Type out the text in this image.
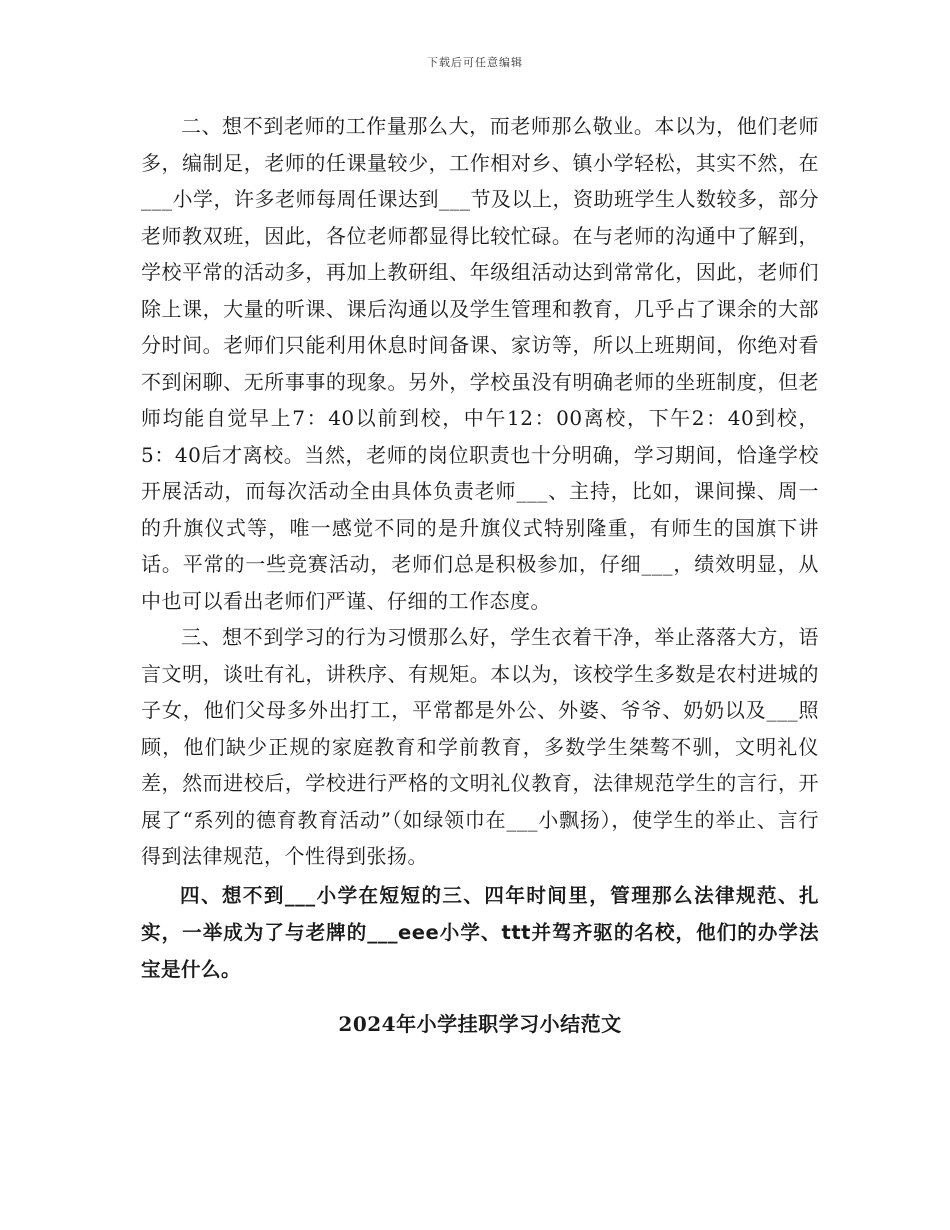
下载后可任意编辑

二、想不到老师的工作量那么大，而老师那么敬业。本以为，他们老师多，编制足，老师的任课量较少，工作相对乡、镇小学轻松，其实不然，在___小学，许多老师每周任课达到___节及以上，资助班学生人数较多，部分老师教双班，因此，各位老师都显得比较忙碌。在与老师的沟通中了解到，学校平常的活动多，再加上教研组、年级组活动达到常常化，因此，老师们除上课，大量的听课、课后沟通以及学生管理和教育，几乎占了课余的大部分时间。老师们只能利用休息时间备课、家访等，所以上班期间，你绝对看不到闲聊、无所事事的现象。另外，学校虽没有明确老师的坐班制度，但老师均能自觉早上7：40以前到校，中午12：00离校，下午2：40到校，5：40后才离校。当然，老师的岗位职责也十分明确，学习期间，恰逢学校开展活动，而每次活动全由具体负责老师___、主持，比如，课间操、周一的升旗仪式等，唯一感觉不同的是升旗仪式特别隆重，有师生的国旗下讲话。平常的一些竞赛活动，老师们总是积极参加，仔细___，绩效明显，从中也可以看出老师们严谨、仔细的工作态度。

三、想不到学习的行为习惯那么好，学生衣着干净，举止落落大方，语言文明，谈吐有礼，讲秩序、有规矩。本以为，该校学生多数是农村进城的子女，他们父母多外出打工，平常都是外公、外婆、爷爷、奶奶以及___照顾，他们缺少正规的家庭教育和学前教育，多数学生桀骜不驯，文明礼仪差，然而进校后，学校进行严格的文明礼仪教育，法律规范学生的言行，开展了“系列的德育教育活动”（如绿领巾在___小飘扬），使学生的举止、言行得到法律规范，个性得到张扬。

四、想不到___小学在短短的三、四年时间里，管理那么法律规范、扎实，一举成为了与老牌的___eee小学、ttt并驾齐驱的名校，他们的办学法宝是什么。

2024年小学挂职学习小结范文
